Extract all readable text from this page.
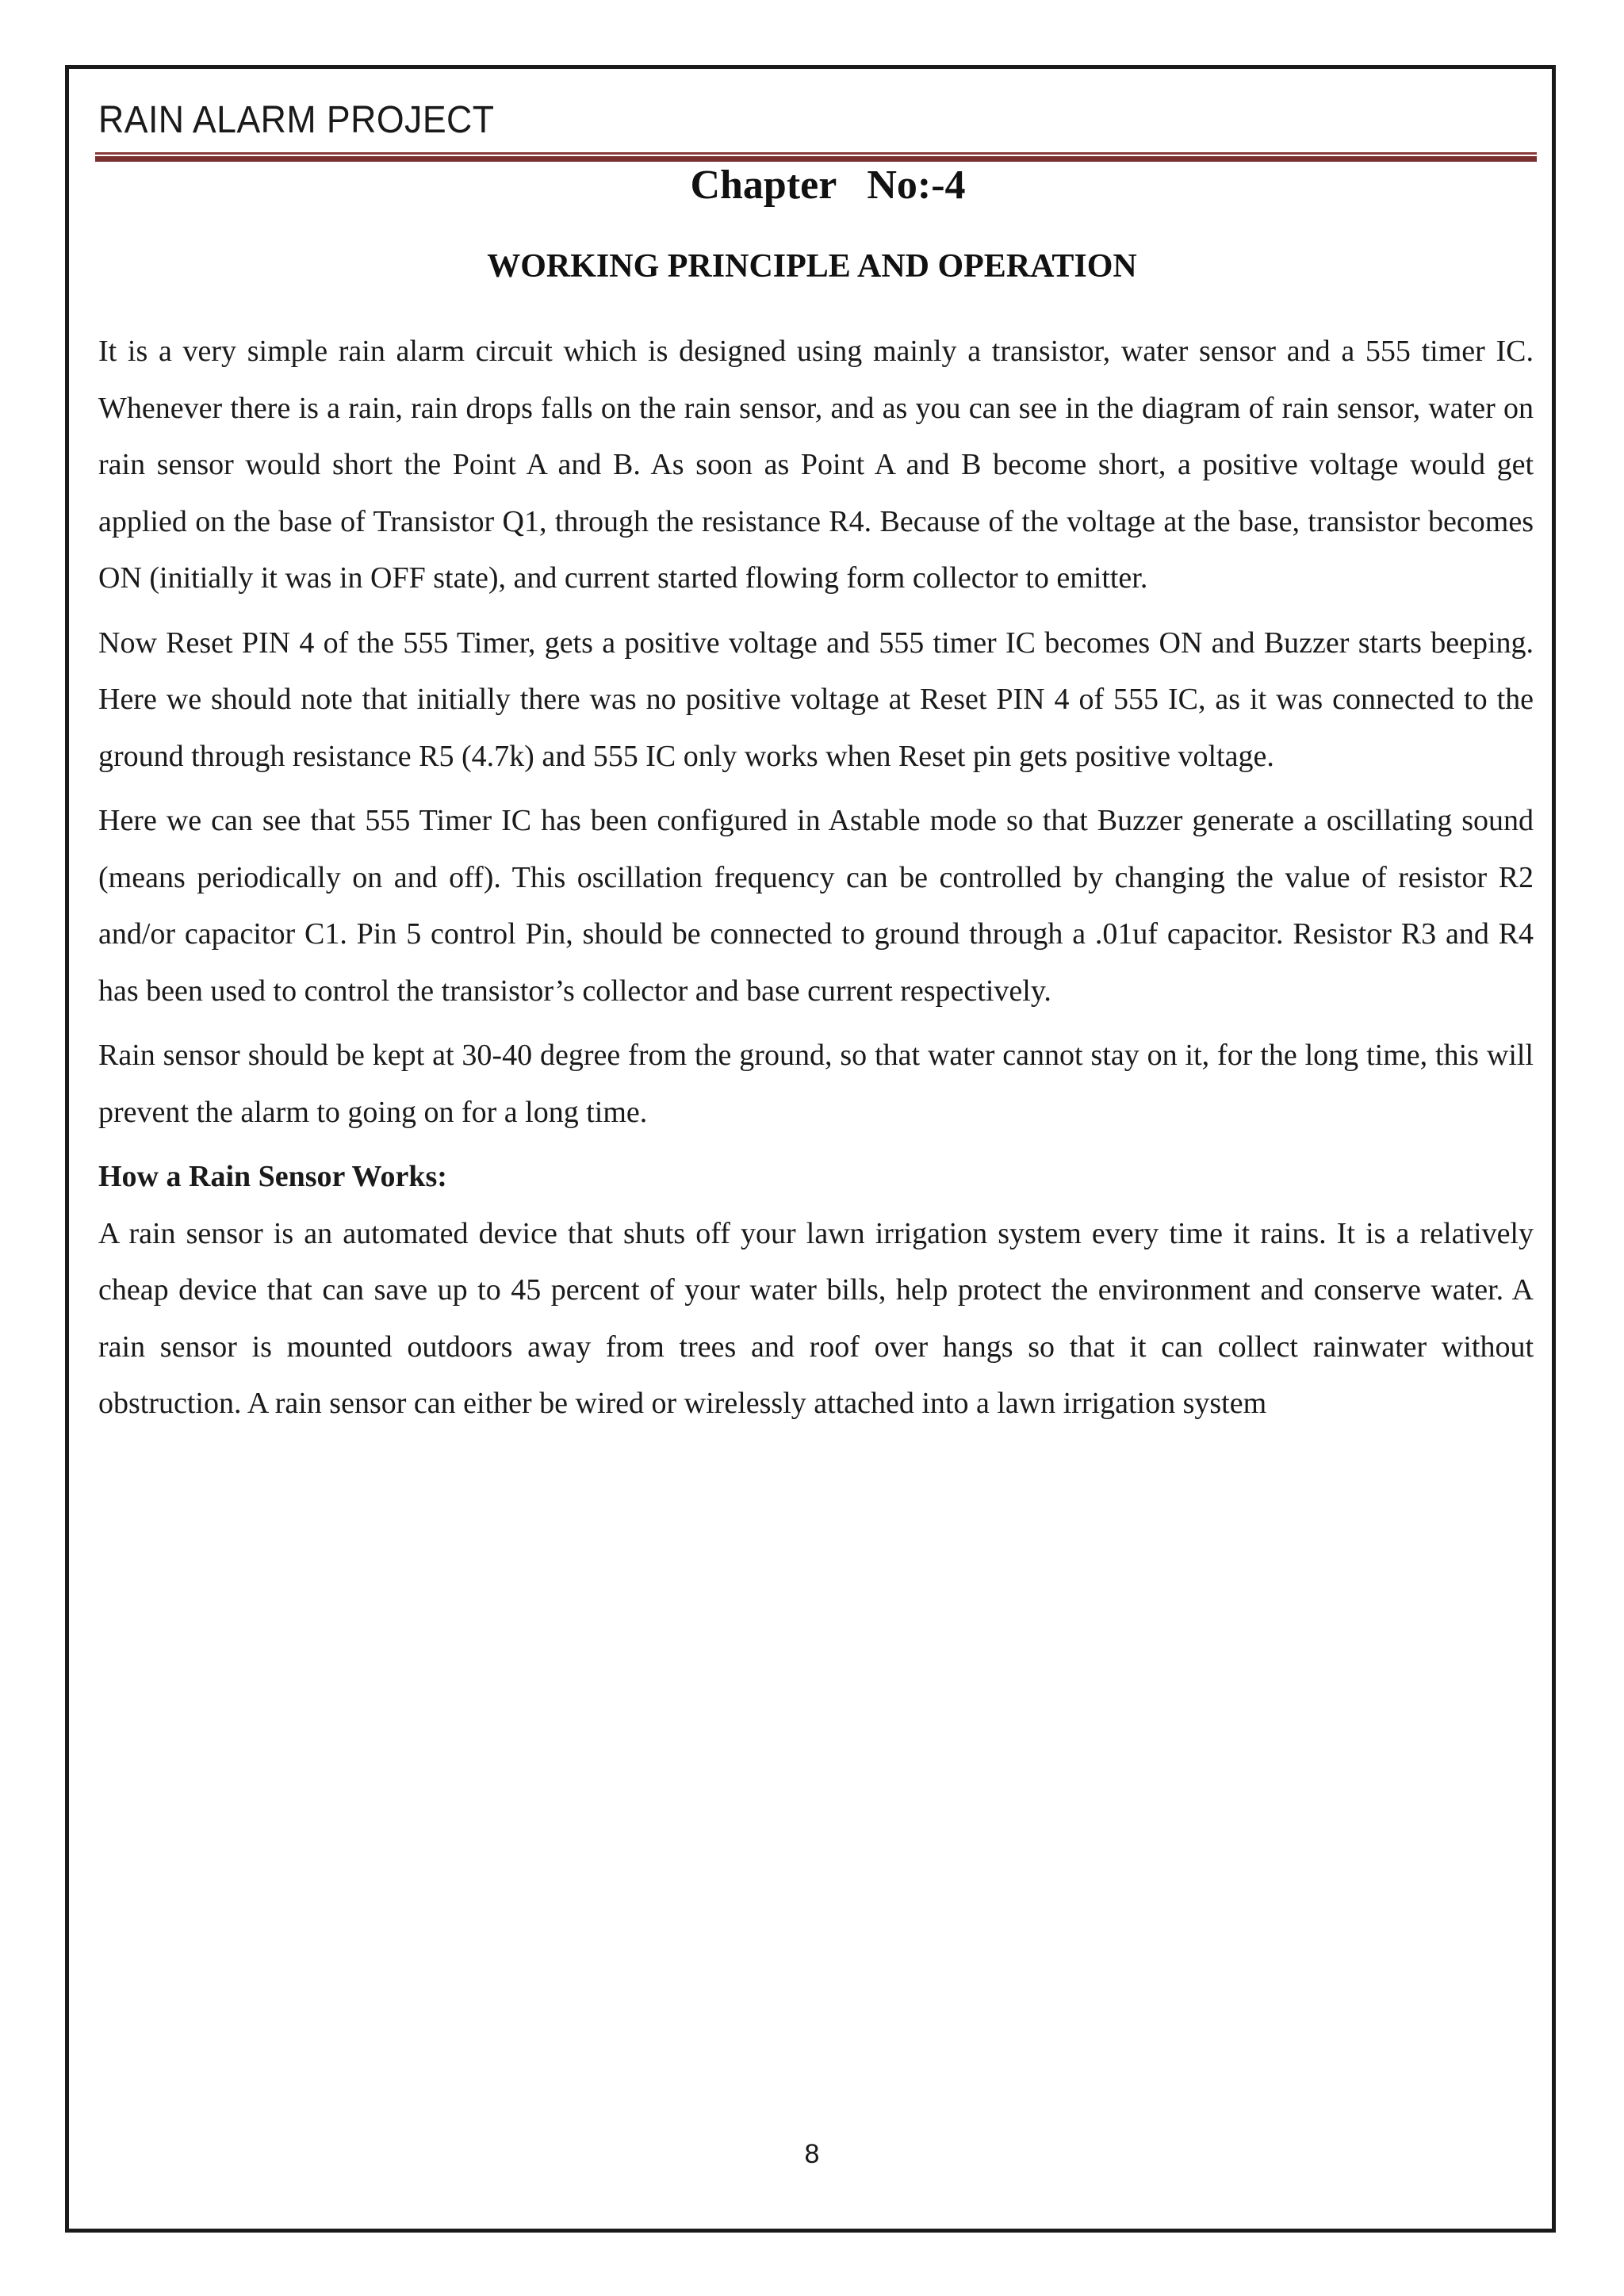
RAIN ALARM PROJECT
Chapter   No:-4
WORKING PRINCIPLE AND OPERATION

It is a very simple rain alarm circuit which is designed using mainly a transistor, water sensor and a 555 timer IC. Whenever there is a rain, rain drops falls on the rain sensor, and as you can see in the diagram of rain sensor, water on rain sensor would short the Point A and B. As soon as Point A and B become short, a positive voltage would get applied on the base of Transistor Q1, through the resistance R4. Because of the voltage at the base, transistor becomes ON (initially it was in OFF state), and current started flowing form collector to emitter.

Now Reset PIN 4 of the 555 Timer, gets a positive voltage and 555 timer IC becomes ON and Buzzer starts beeping. Here we should note that initially there was no positive voltage at Reset PIN 4 of 555 IC, as it was connected to the ground through resistance R5 (4.7k) and 555 IC only works when Reset pin gets positive voltage.

Here we can see that 555 Timer IC has been configured in Astable mode so that Buzzer generate a oscillating sound (means periodically on and off). This oscillation frequency can be controlled by changing the value of resistor R2 and/or capacitor C1. Pin 5 control Pin, should be connected to ground through a .01uf capacitor. Resistor R3 and R4 has been used to control the transistor’s collector and base current respectively.

Rain sensor should be kept at 30-40 degree from the ground, so that water cannot stay on it, for the long time, this will prevent the alarm to going on for a long time.

How a Rain Sensor Works:

A rain sensor is an automated device that shuts off your lawn irrigation system every time it rains. It is a relatively cheap device that can save up to 45 percent of your water bills, help protect the environment and conserve water. A rain sensor is mounted outdoors away from trees and roof over hangs so that it can collect rainwater without obstruction. A rain sensor can either be wired or wirelessly attached into a lawn irrigation system

8
